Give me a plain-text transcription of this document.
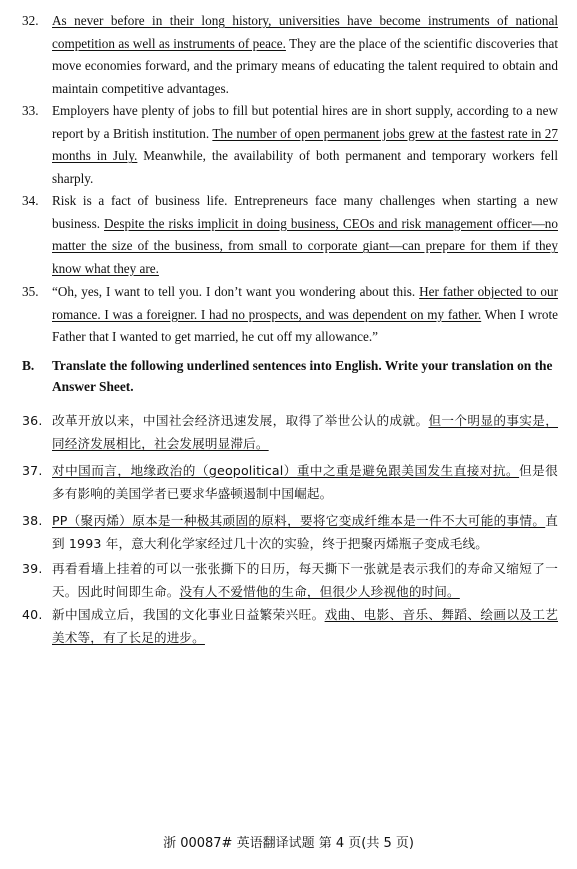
32.	As never before in their long history, universities have become instruments of national competition as well as instruments of peace. They are the place of the scientific discoveries that move economies forward, and the primary means of educating the talent required to obtain and maintain competitive advantages.
33.	Employers have plenty of jobs to fill but potential hires are in short supply, according to a new report by a British institution. The number of open permanent jobs grew at the fastest rate in 27 months in July. Meanwhile, the availability of both permanent and temporary workers fell sharply.
34.	Risk is a fact of business life. Entrepreneurs face many challenges when starting a new business. Despite the risks implicit in doing business, CEOs and risk management officer—no matter the size of the business, from small to corporate giant—can prepare for them if they know what they are.
35.	“Oh, yes, I want to tell you. I don’t want you wondering about this. Her father objected to our romance. I was a foreigner. I had no prospects, and was dependent on my father. When I wrote Father that I wanted to get married, he cut off my allowance.”
B. Translate the following underlined sentences into English. Write your translation on the Answer Sheet.
36. 改革开放以来，中国社会经济迅速发展，取得了举世公认的成就。但一个明显的事实是，同经济发展相比，社会发展明显滞后。
37. 对中国而言，地缘政治的（geopolitical）重中之重是避免跟美国发生直接对抗。但是很多有影响的美国学者已要求华盛顿遏制中国崛起。
38. PP（聚丙烯）原本是一种极其顽固的原料，要将它变成纤维本是一件不大可能的事情。直到 1993 年，意大利化学家经过几十次的实验，终于把聚丙烯瓶子变成毛线。
39. 再看看墙上挂着的可以一张张撕下的日历，每天撕下一张就是表示我们的寿命又缩短了一天。因此时间即生命。没有人不爱惜他的生命，但很少人珍视他的时间。
40. 新中国成立后，我国的文化事业日益繁荣兴旺。戏曲、电影、音乐、舞蹈、绘画以及工艺美术等，有了长足的进步。
浙 00087# 英语翻译试题 第 4 页(共 5 页)
